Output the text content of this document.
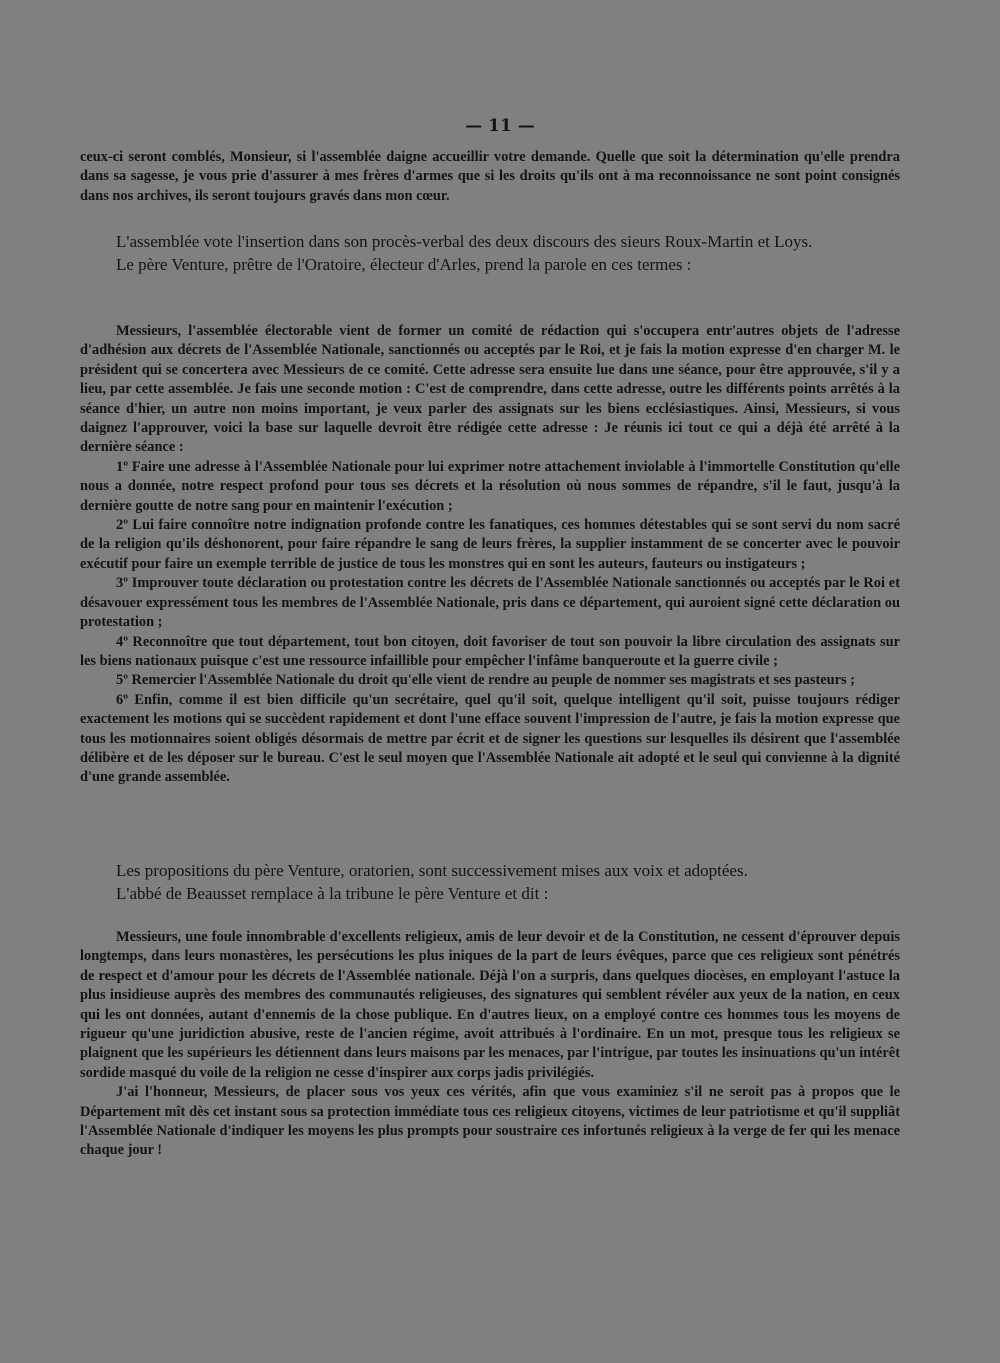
— 11 —

ceux-ci seront comblés, Monsieur, si l'assemblée daigne accueillir votre demande. Quelle que soit la détermination qu'elle prendra dans sa sagesse, je vous prie d'assurer à mes frères d'armes que si les droits qu'ils ont à ma reconnoissance ne sont point consignés dans nos archives, ils seront toujours gravés dans mon cœur.

L'assemblée vote l'insertion dans son procès-verbal des deux discours des sieurs Roux-Martin et Loys.

Le père Venture, prêtre de l'Oratoire, électeur d'Arles, prend la parole en ces termes :

Messieurs, l'assemblée électorable vient de former un comité de rédaction qui s'occupera entr'autres objets de l'adresse d'adhésion aux décrets de l'Assemblée Nationale, sanctionnés ou acceptés par le Roi, et je fais la motion expresse d'en charger M. le président qui se concertera avec Messieurs de ce comité. Cette adresse sera ensuite lue dans une séance, pour être approuvée, s'il y a lieu, par cette assemblée. Je fais une seconde motion : C'est de comprendre, dans cette adresse, outre les différents points arrêtés à la séance d'hier, un autre non moins important, je veux parler des assignats sur les biens ecclésiastiques. Ainsi, Messieurs, si vous daignez l'approuver, voici la base sur laquelle devroit être rédigée cette adresse : Je réunis ici tout ce qui a déjà été arrêté à la dernière séance :

1º Faire une adresse à l'Assemblée Nationale pour lui exprimer notre attachement inviolable à l'immortelle Constitution qu'elle nous a donnée, notre respect profond pour tous ses décrets et la résolution où nous sommes de répandre, s'il le faut, jusqu'à la dernière goutte de notre sang pour en maintenir l'exécution ;

2º Lui faire connoître notre indignation profonde contre les fanatiques, ces hommes détestables qui se sont servi du nom sacré de la religion qu'ils déshonorent, pour faire répandre le sang de leurs frères, la supplier instamment de se concerter avec le pouvoir exécutif pour faire un exemple terrible de justice de tous les monstres qui en sont les auteurs, fauteurs ou instigateurs ;

3º Improuver toute déclaration ou protestation contre les décrets de l'Assemblée Nationale sanctionnés ou acceptés par le Roi et désavouer expressément tous les membres de l'Assemblée Nationale, pris dans ce département, qui auroient signé cette déclaration ou protestation ;

4º Reconnoître que tout département, tout bon citoyen, doit favoriser de tout son pouvoir la libre circulation des assignats sur les biens nationaux puisque c'est une ressource infaillible pour empêcher l'infâme banqueroute et la guerre civile ;

5º Remercier l'Assemblée Nationale du droit qu'elle vient de rendre au peuple de nommer ses magistrats et ses pasteurs ;

6º Enfin, comme il est bien difficile qu'un secrétaire, quel qu'il soit, quelque intelligent qu'il soit, puisse toujours rédiger exactement les motions qui se succèdent rapidement et dont l'une efface souvent l'impression de l'autre, je fais la motion expresse que tous les motionnaires soient obligés désormais de mettre par écrit et de signer les questions sur lesquelles ils désirent que l'assemblée délibère et de les déposer sur le bureau. C'est le seul moyen que l'Assemblée Nationale ait adopté et le seul qui convienne à la dignité d'une grande assemblée.

Les propositions du père Venture, oratorien, sont successivement mises aux voix et adoptées.

L'abbé de Beausset remplace à la tribune le père Venture et dit :

Messieurs, une foule innombrable d'excellents religieux, amis de leur devoir et de la Constitution, ne cessent d'éprouver depuis longtemps, dans leurs monastères, les persécutions les plus iniques de la part de leurs évêques, parce que ces religieux sont pénétrés de respect et d'amour pour les décrets de l'Assemblée nationale. Déjà l'on a surpris, dans quelques diocèses, en employant l'astuce la plus insidieuse auprès des membres des communautés religieuses, des signatures qui semblent révéler aux yeux de la nation, en ceux qui les ont données, autant d'ennemis de la chose publique. En d'autres lieux, on a employé contre ces hommes tous les moyens de rigueur qu'une juridiction abusive, reste de l'ancien régime, avoit attribués à l'ordinaire. En un mot, presque tous les religieux se plaignent que les supérieurs les détiennent dans leurs maisons par les menaces, par l'intrigue, par toutes les insinuations qu'un intérêt sordide masqué du voile de la religion ne cesse d'inspirer aux corps jadis privilégiés.

J'ai l'honneur, Messieurs, de placer sous vos yeux ces vérités, afin que vous examiniez s'il ne seroit pas à propos que le Département mît dès cet instant sous sa protection immédiate tous ces religieux citoyens, victimes de leur patriotisme et qu'il suppliât l'Assemblée Nationale d'indiquer les moyens les plus prompts pour soustraire ces infortunés religieux à la verge de fer qui les menace chaque jour !
